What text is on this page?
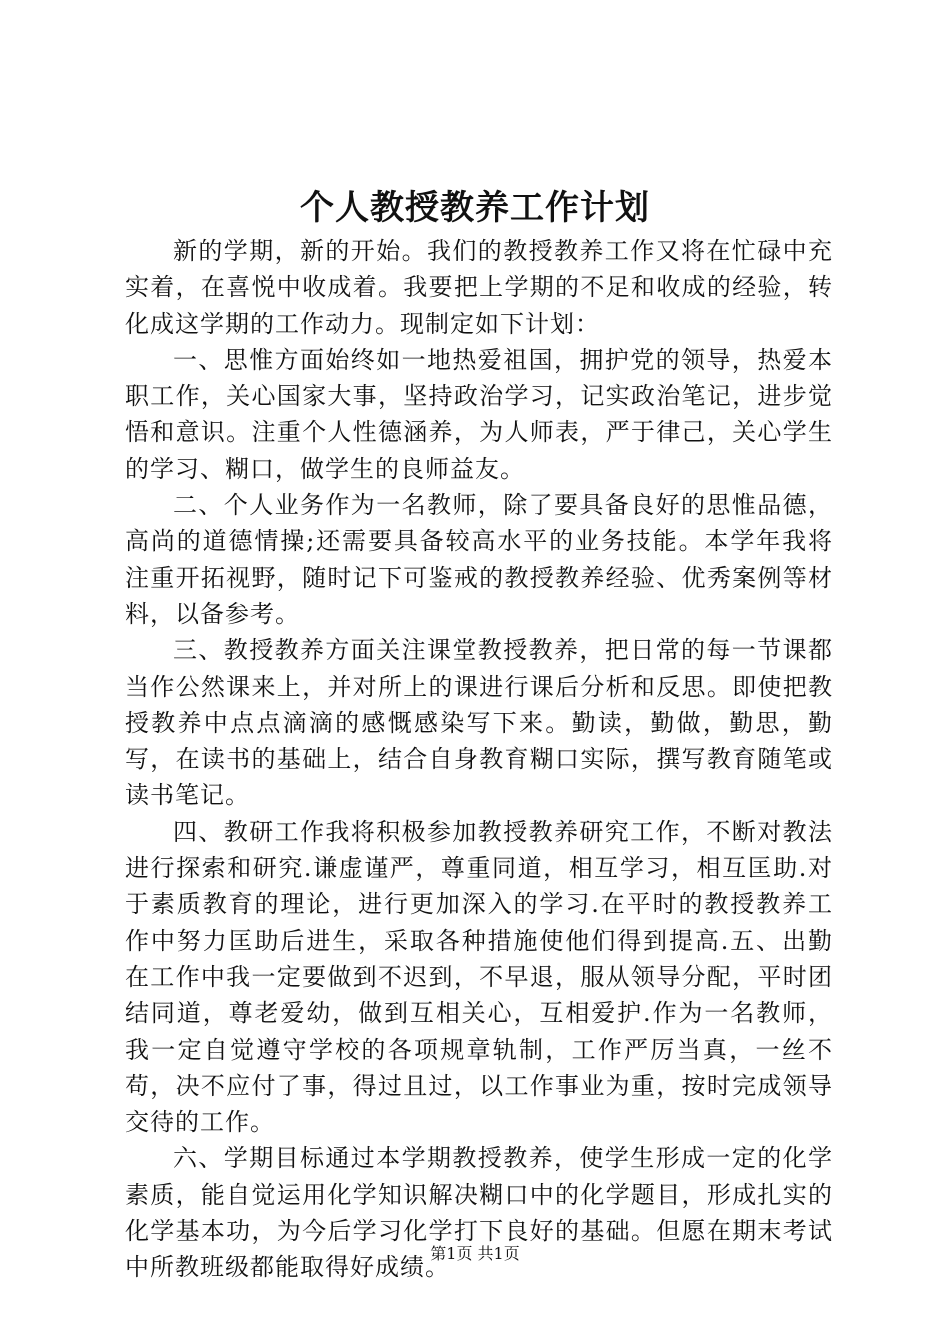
个人教授教养工作计划

新的学期，新的开始。我们的教授教养工作又将在忙碌中充实着，在喜悦中收成着。我要把上学期的不足和收成的经验，转化成这学期的工作动力。现制定如下计划：

一、思惟方面始终如一地热爱祖国，拥护党的领导，热爱本职工作，关心国家大事，坚持政治学习，记实政治笔记，进步觉悟和意识。注重个人性德涵养，为人师表，严于律己，关心学生的学习、糊口，做学生的良师益友。

二、个人业务作为一名教师，除了要具备良好的思惟品德，高尚的道德情操;还需要具备较高水平的业务技能。本学年我将注重开拓视野，随时记下可鉴戒的教授教养经验、优秀案例等材料，以备参考。

三、教授教养方面关注课堂教授教养，把日常的每一节课都当作公然课来上，并对所上的课进行课后分析和反思。即使把教授教养中点点滴滴的感慨感染写下来。勤读，勤做，勤思，勤写，在读书的基础上，结合自身教育糊口实际，撰写教育随笔或读书笔记。

四、教研工作我将积极参加教授教养研究工作，不断对教法进行探索和研究.谦虚谨严，尊重同道，相互学习，相互匡助.对于素质教育的理论，进行更加深入的学习.在平时的教授教养工作中努力匡助后进生，采取各种措施使他们得到提高.五、出勤在工作中我一定要做到不迟到，不早退，服从领导分配，平时团结同道，尊老爱幼，做到互相关心，互相爱护.作为一名教师，我一定自觉遵守学校的各项规章轨制，工作严厉当真，一丝不苟，决不应付了事，得过且过，以工作事业为重，按时完成领导交待的工作。

六、学期目标通过本学期教授教养，使学生形成一定的化学素质，能自觉运用化学知识解决糊口中的化学题目，形成扎实的化学基本功，为今后学习化学打下良好的基础。但愿在期末考试中所教班级都能取得好成绩。

第1页 共1页
